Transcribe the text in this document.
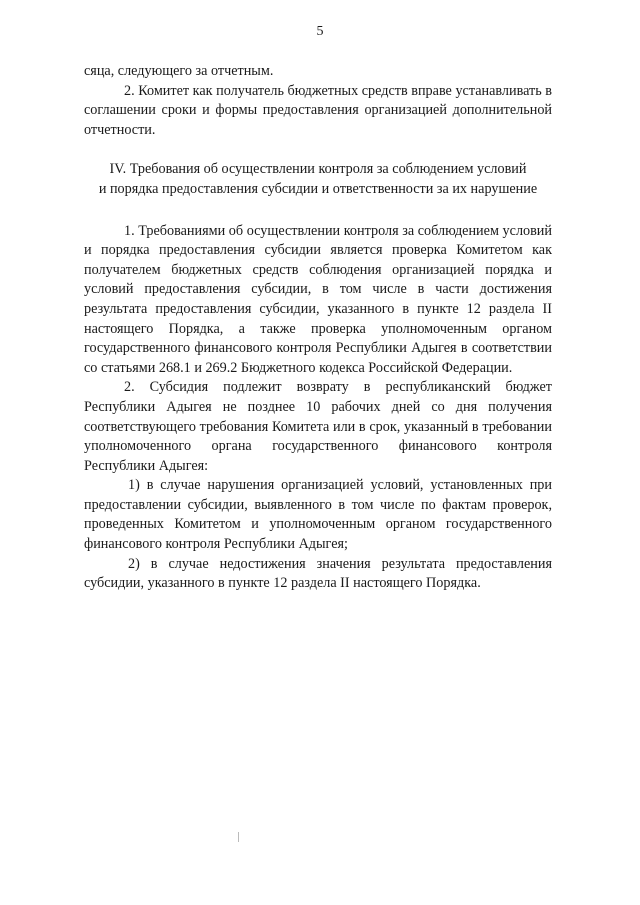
5

сяца, следующего за отчетным.

2. Комитет как получатель бюджетных средств вправе устанавливать в соглашении сроки и формы предоставления организацией дополнительной отчетности.

IV. Требования об осуществлении контроля за соблюдением условий
и порядка предоставления субсидии и ответственности за их нарушение

1. Требованиями об осуществлении контроля за соблюдением условий и порядка предоставления субсидии является проверка Комитетом как получателем бюджетных средств соблюдения организацией порядка и условий предоставления субсидии, в том числе в части достижения результата предоставления субсидии, указанного в пункте 12 раздела II настоящего Порядка, а также проверка уполномоченным органом государственного финансового контроля Республики Адыгея в соответствии со статьями 268.1 и 269.2 Бюджетного кодекса Российской Федерации.

2. Субсидия подлежит возврату в республиканский бюджет Республики Адыгея не позднее 10 рабочих дней со дня получения соответствующего требования Комитета или в срок, указанный в требовании уполномоченного органа государственного финансового контроля Республики Адыгея:

1) в случае нарушения организацией условий, установленных при предоставлении субсидии, выявленного в том числе по фактам проверок, проведенных Комитетом и уполномоченным органом государственного финансового контроля Республики Адыгея;

2) в случае недостижения значения результата предоставления субсидии, указанного в пункте 12 раздела II настоящего Порядка.
